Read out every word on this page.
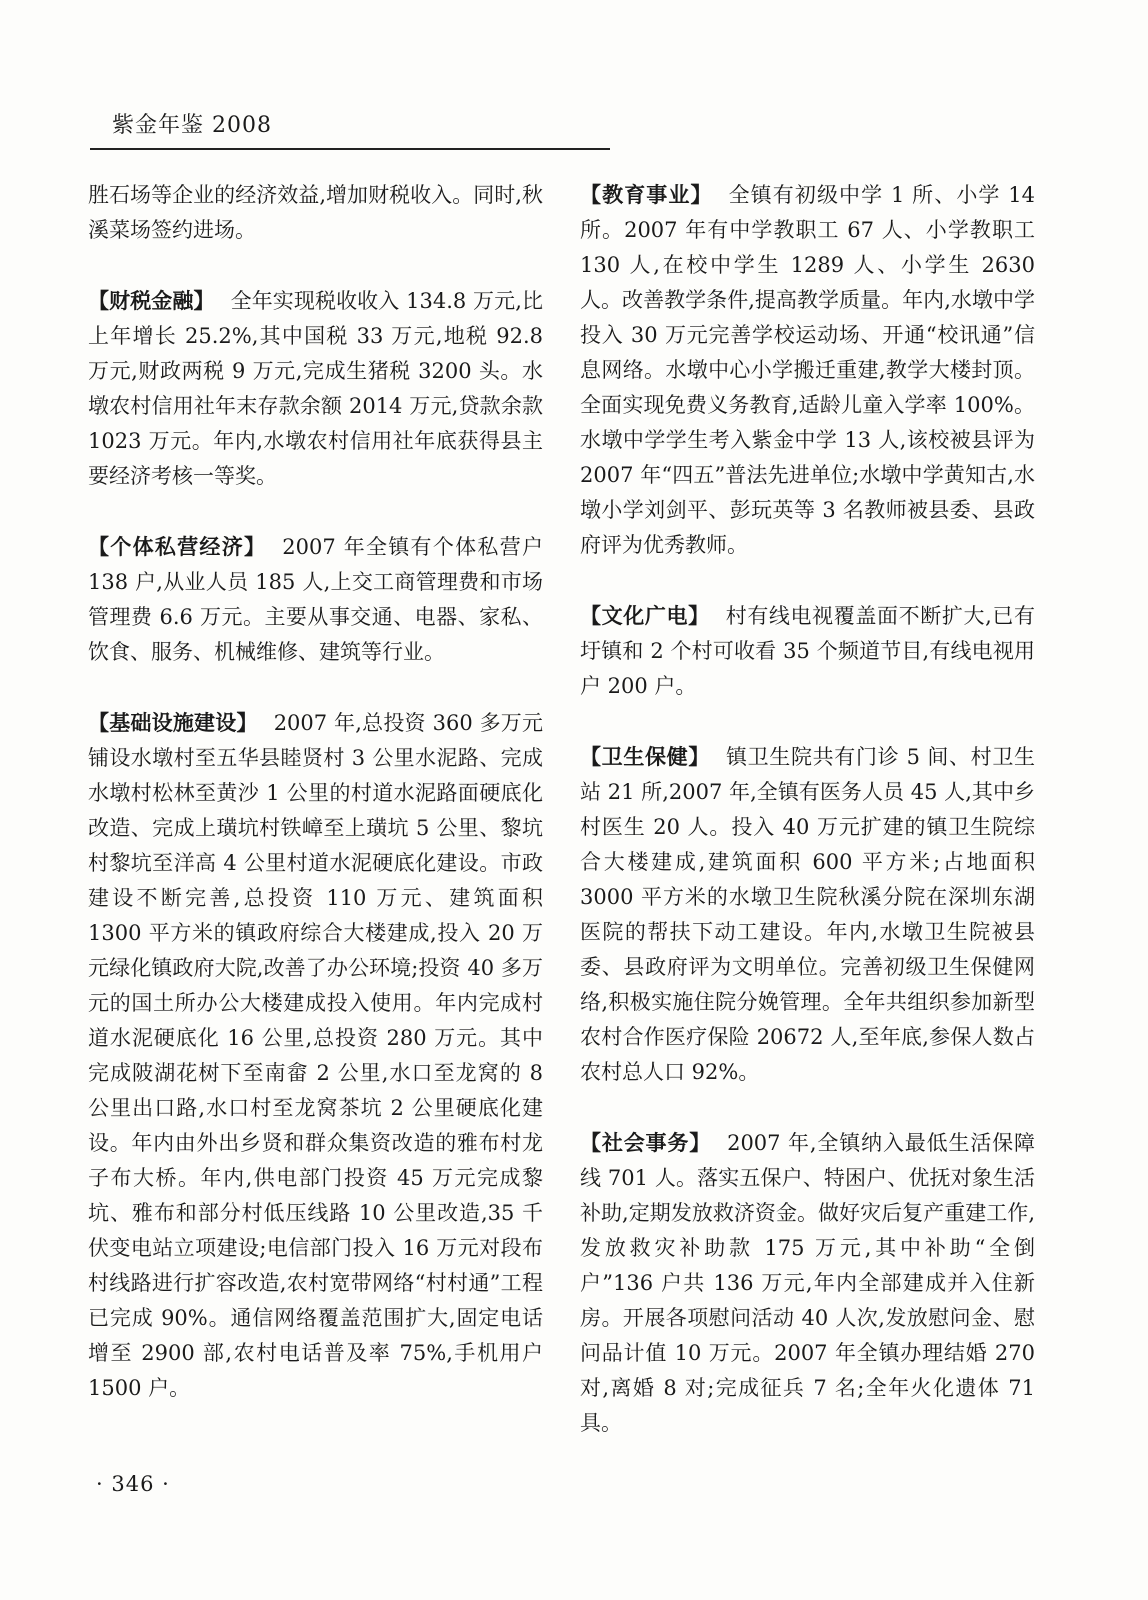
紫金年鉴 2008

胜石场等企业的经济效益,增加财税收入。同时,秋溪菜场签约进场。

【财税金融】 全年实现税收收入 134.8 万元,比上年增长 25.2%,其中国税 33 万元,地税 92.8 万元,财政两税 9 万元,完成生猪税 3200 头。水墩农村信用社年末存款余额 2014 万元,贷款余款 1023 万元。年内,水墩农村信用社年底获得县主要经济考核一等奖。

【个体私营经济】 2007 年全镇有个体私营户 138 户,从业人员 185 人,上交工商管理费和市场管理费 6.6 万元。主要从事交通、电器、家私、饮食、服务、机械维修、建筑等行业。

【基础设施建设】 2007 年,总投资 360 多万元铺设水墩村至五华县睦贤村 3 公里水泥路、完成水墩村松林至黄沙 1 公里的村道水泥路面硬底化改造、完成上璜坑村铁嶂至上璜坑 5 公里、黎坑村黎坑至洋高 4 公里村道水泥硬底化建设。市政建设不断完善,总投资 110 万元、建筑面积 1300 平方米的镇政府综合大楼建成,投入 20 万元绿化镇政府大院,改善了办公环境;投资 40 多万元的国土所办公大楼建成投入使用。年内完成村道水泥硬底化 16 公里,总投资 280 万元。其中完成陂湖花树下至南畲 2 公里,水口至龙窝的 8 公里出口路,水口村至龙窝茶坑 2 公里硬底化建设。年内由外出乡贤和群众集资改造的雅布村龙子布大桥。年内,供电部门投资 45 万元完成黎坑、雅布和部分村低压线路 10 公里改造,35 千伏变电站立项建设;电信部门投入 16 万元对段布村线路进行扩容改造,农村宽带网络“村村通”工程已完成 90%。通信网络覆盖范围扩大,固定电话增至 2900 部,农村电话普及率 75%,手机用户 1500 户。

【教育事业】 全镇有初级中学 1 所、小学 14 所。2007 年有中学教职工 67 人、小学教职工 130 人,在校中学生 1289 人、小学生 2630 人。改善教学条件,提高教学质量。年内,水墩中学投入 30 万元完善学校运动场、开通“校讯通”信息网络。水墩中心小学搬迁重建,教学大楼封顶。全面实现免费义务教育,适龄儿童入学率 100%。水墩中学学生考入紫金中学 13 人,该校被县评为 2007 年“四五”普法先进单位;水墩中学黄知古,水墩小学刘剑平、彭玩英等 3 名教师被县委、县政府评为优秀教师。

【文化广电】 村有线电视覆盖面不断扩大,已有圩镇和 2 个村可收看 35 个频道节目,有线电视用户 200 户。

【卫生保健】 镇卫生院共有门诊 5 间、村卫生站 21 所,2007 年,全镇有医务人员 45 人,其中乡村医生 20 人。投入 40 万元扩建的镇卫生院综合大楼建成,建筑面积 600 平方米;占地面积 3000 平方米的水墩卫生院秋溪分院在深圳东湖医院的帮扶下动工建设。年内,水墩卫生院被县委、县政府评为文明单位。完善初级卫生保健网络,积极实施住院分娩管理。全年共组织参加新型农村合作医疗保险 20672 人,至年底,参保人数占农村总人口 92%。

【社会事务】 2007 年,全镇纳入最低生活保障线 701 人。落实五保户、特困户、优抚对象生活补助,定期发放救济资金。做好灾后复产重建工作,发放救灾补助款 175 万元,其中补助“全倒户”136 户共 136 万元,年内全部建成并入住新房。开展各项慰问活动 40 人次,发放慰问金、慰问品计值 10 万元。2007 年全镇办理结婚 270 对,离婚 8 对;完成征兵 7 名;全年火化遗体 71 具。

· 346 ·
